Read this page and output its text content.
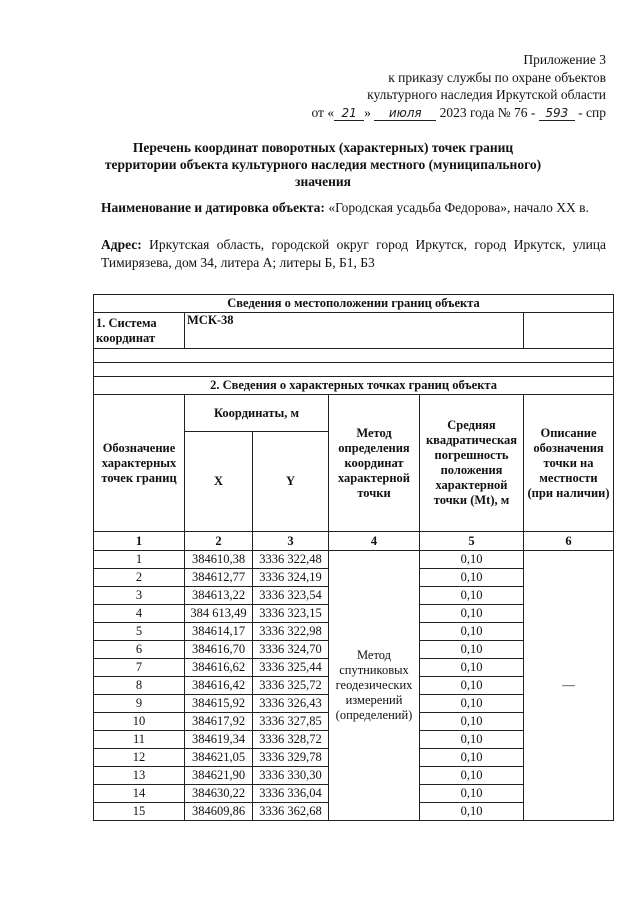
Приложение 3
к приказу службы по охране объектов
культурного наследия Иркутской области
от « 21 » июля 2023 года № 76 - 593 - спр
Перечень координат поворотных (характерных) точек границ
территории объекта культурного наследия местного (муниципального)
значения
Наименование и датировка объекта: «Городская усадьба Федорова», начало XX в.
Адрес: Иркутская область, городской округ город Иркутск, город Иркутск, улица Тимирязева, дом 34, литера А; литеры Б, Б1, Б3
Сведения о местоположении границ объекта					
1. Система координат	МСК-38				

2. Сведения о характерных точках границ объекта					
Обозначение характерных точек границ	Координаты, м		Метод определения координат характерной точки	Средняя квадратическая погрешность положения характерной точки (Mt), м	Описание обозначения точки на местности (при наличии)
	X	Y			
1	2	3	4	5	6
1	384610,38	3336 322,48	Метод спутниковых геодезических измерений (определений)	0,10	—
2	384612,77	3336 324,19		0,10	
3	384613,22	3336 323,54		0,10	
4	384 613,49	3336 323,15		0,10	
5	384614,17	3336 322,98		0,10	
6	384616,70	3336 324,70		0,10	
7	384616,62	3336 325,44		0,10	
8	384616,42	3336 325,72		0,10	
9	384615,92	3336 326,43		0,10	
10	384617,92	3336 327,85		0,10	
11	384619,34	3336 328,72		0,10	
12	384621,05	3336 329,78		0,10	
13	384621,90	3336 330,30		0,10	
14	384630,22	3336 336,04		0,10	
15	384609,86	3336 362,68		0,10	
